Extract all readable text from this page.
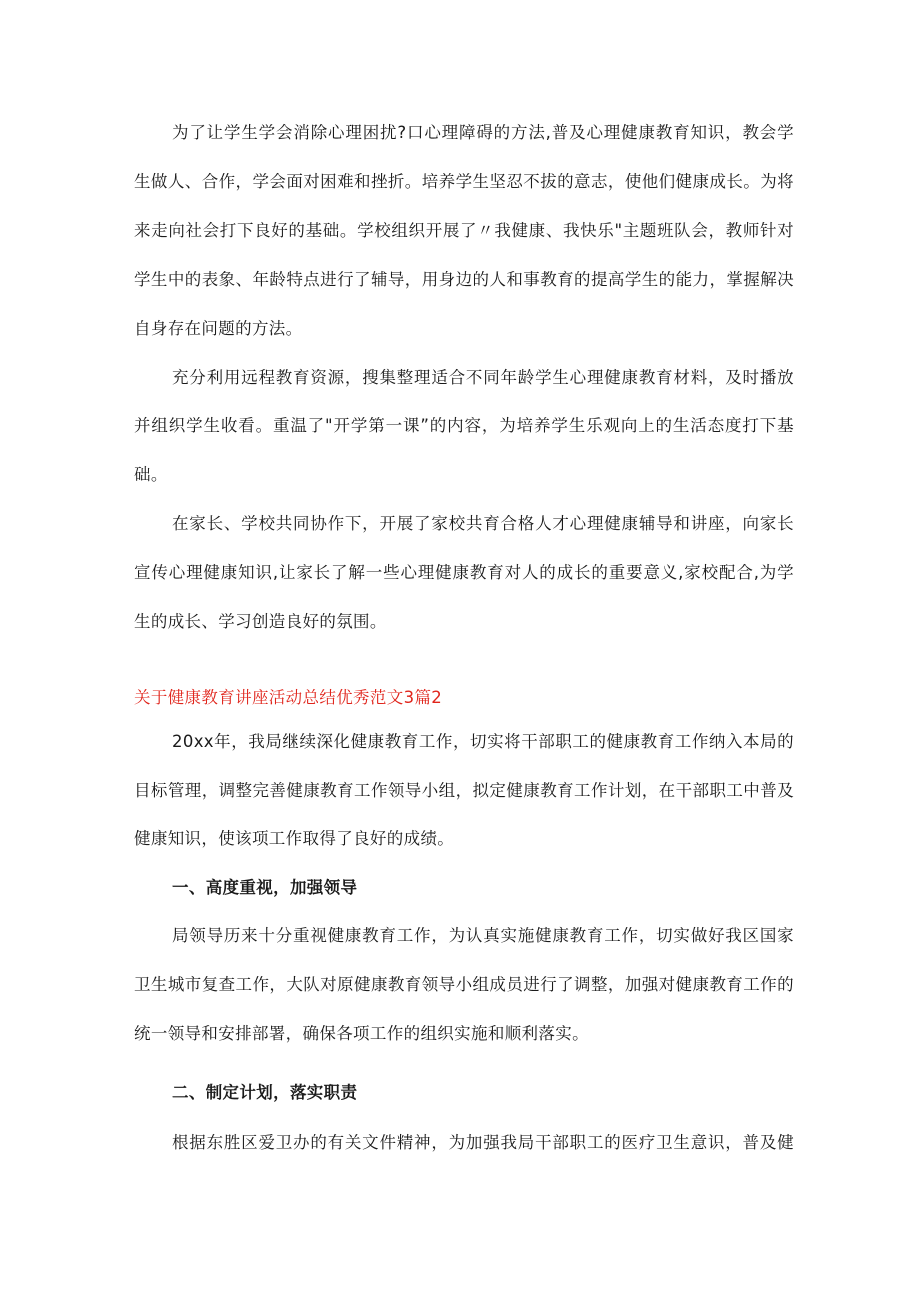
为了让学生学会消除心理困扰?口心理障碍的方法,普及心理健康教育知识，教会学
生做人、合作，学会面对困难和挫折。培养学生坚忍不拔的意志，使他们健康成长。为将
来走向社会打下良好的基础。学校组织开展了〃我健康、我快乐"主题班队会，教师针对
学生中的表象、年龄特点进行了辅导，用身边的人和事教育的提高学生的能力，掌握解决
自身存在问题的方法。
充分利用远程教育资源，搜集整理适合不同年龄学生心理健康教育材料，及时播放
并组织学生收看。重温了"开学第一课”的内容，为培养学生乐观向上的生活态度打下基
础。
在家长、学校共同协作下，开展了家校共育合格人才心理健康辅导和讲座，向家长
宣传心理健康知识,让家长了解一些心理健康教育对人的成长的重要意义,家校配合,为学
生的成长、学习创造良好的氛围。
关于健康教育讲座活动总结优秀范文3篇2
20xx年，我局继续深化健康教育工作，切实将干部职工的健康教育工作纳入本局的
目标管理，调整完善健康教育工作领导小组，拟定健康教育工作计划，在干部职工中普及
健康知识，使该项工作取得了良好的成绩。
一、高度重视，加强领导
局领导历来十分重视健康教育工作，为认真实施健康教育工作，切实做好我区国家
卫生城市复查工作，大队对原健康教育领导小组成员进行了调整，加强对健康教育工作的
统一领导和安排部署，确保各项工作的组织实施和顺利落实。
二、制定计划，落实职责
根据东胜区爱卫办的有关文件精神，为加强我局干部职工的医疗卫生意识，普及健
